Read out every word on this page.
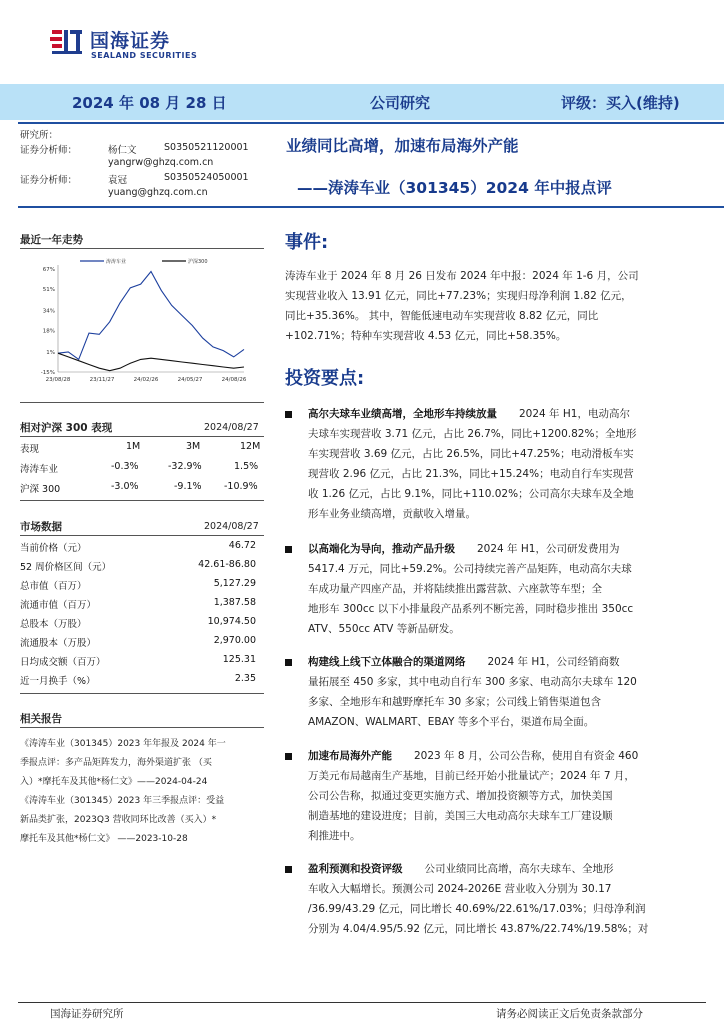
国海证券
SEALAND SECURITIES
2024 年 08 月 28 日	公司研究	评级：买入(维持)
研究所：
证券分析师：	杨仁文	S0350521120001
yangrw@ghzq.com.cn
证券分析师：	袁冠	S0350524050001
yuang@ghzq.com.cn
业绩同比高增，加速布局海外产能
——涛涛车业（301345）2024 年中报点评
最近一年走势
67%
51%
34%
18%
1%
-15%
23/08/28	23/11/27	24/02/26	24/05/27	24/08/26
涛涛车业	沪深300
相对沪深 300 表现	2024/08/27
表现	1M	3M	12M
涛涛车业	-0.3%	-32.9%	1.5%
沪深 300	-3.0%	-9.1% -10.9%
市场数据	2024/08/27
当前价格（元）	46.72
52 周价格区间（元）	42.61-86.80
总市值（百万）	5,127.29
流通市值（百万）	1,387.58
总股本（万股）	10,974.50
流通股本（万股）	2,970.00
日均成交额（百万）	125.31
近一月换手（%）	2.35
相关报告
《涛涛车业（301345）2023 年年报及 2024 年一
季报点评：多产品矩阵发力，海外渠道扩张 （买
入）*摩托车及其他*杨仁文》——2024-04-24
《涛涛车业（301345）2023 年三季报点评：受益
新品类扩张，2023Q3 营收同环比改善（买入）*
摩托车及其他*杨仁文》 ——2023-10-28
事件:
涛涛车业于 2024 年 8 月 26 日发布 2024 年中报：2024 年 1-6 月，公司
实现营业收入 13.91 亿元，同比+77.23%；实现归母净利润 1.82 亿元，
同比+35.36%。 其中，智能低速电动车实现营收 8.82 亿元，同比
+102.71%；特种车实现营收 4.53 亿元，同比+58.35%。
投资要点:
高尔夫球车业绩高增，全地形车持续放量 2024 年 H1，电动高尔
夫球车实现营收 3.71 亿元，占比 26.7%，同比+1200.82%；全地形
车实现营收 3.69 亿元，占比 26.5%，同比+47.25%；电动滑板车实
现营收 2.96 亿元，占比 21.3%，同比+15.24%；电动自行车实现营
收 1.26 亿元，占比 9.1%，同比+110.02%；公司高尔夫球车及全地
形车业务业绩高增，贡献收入增量。
以高端化为导向，推动产品升级 2024 年 H1，公司研发费用为
5417.4 万元，同比+59.2%。公司持续完善产品矩阵，电动高尔夫球
车成功量产四座产品，并将陆续推出露营款、六座款等车型；全
地形车 300cc 以下小排量段产品系列不断完善，同时稳步推出 350cc
ATV、550cc ATV 等新品研发。
构建线上线下立体融合的渠道网络 2024 年 H1，公司经销商数
量拓展至 450 多家，其中电动自行车 300 多家、电动高尔夫球车 120
多家、全地形车和越野摩托车 30 多家；公司线上销售渠道包含
AMAZON、WALMART、EBAY 等多个平台，渠道布局全面。
加速布局海外产能 2023 年 8 月，公司公告称，使用自有资金 460
万美元布局越南生产基地，目前已经开始小批量试产；2024 年 7 月，
公司公告称，拟通过变更实施方式、增加投资额等方式，加快美国
制造基地的建设进度；目前，美国三大电动高尔夫球车工厂建设顺
利推进中。
盈利预测和投资评级 公司业绩同比高增，高尔夫球车、全地形
车收入大幅增长。预测公司 2024-2026E 营业收入分别为 30.17
/36.99/43.29 亿元，同比增长 40.69%/22.61%/17.03%；归母净利润
分别为 4.04/4.95/5.92 亿元，同比增长 43.87%/22.74%/19.58%；对
国海证券研究所	请务必阅读正文后免责条款部分
